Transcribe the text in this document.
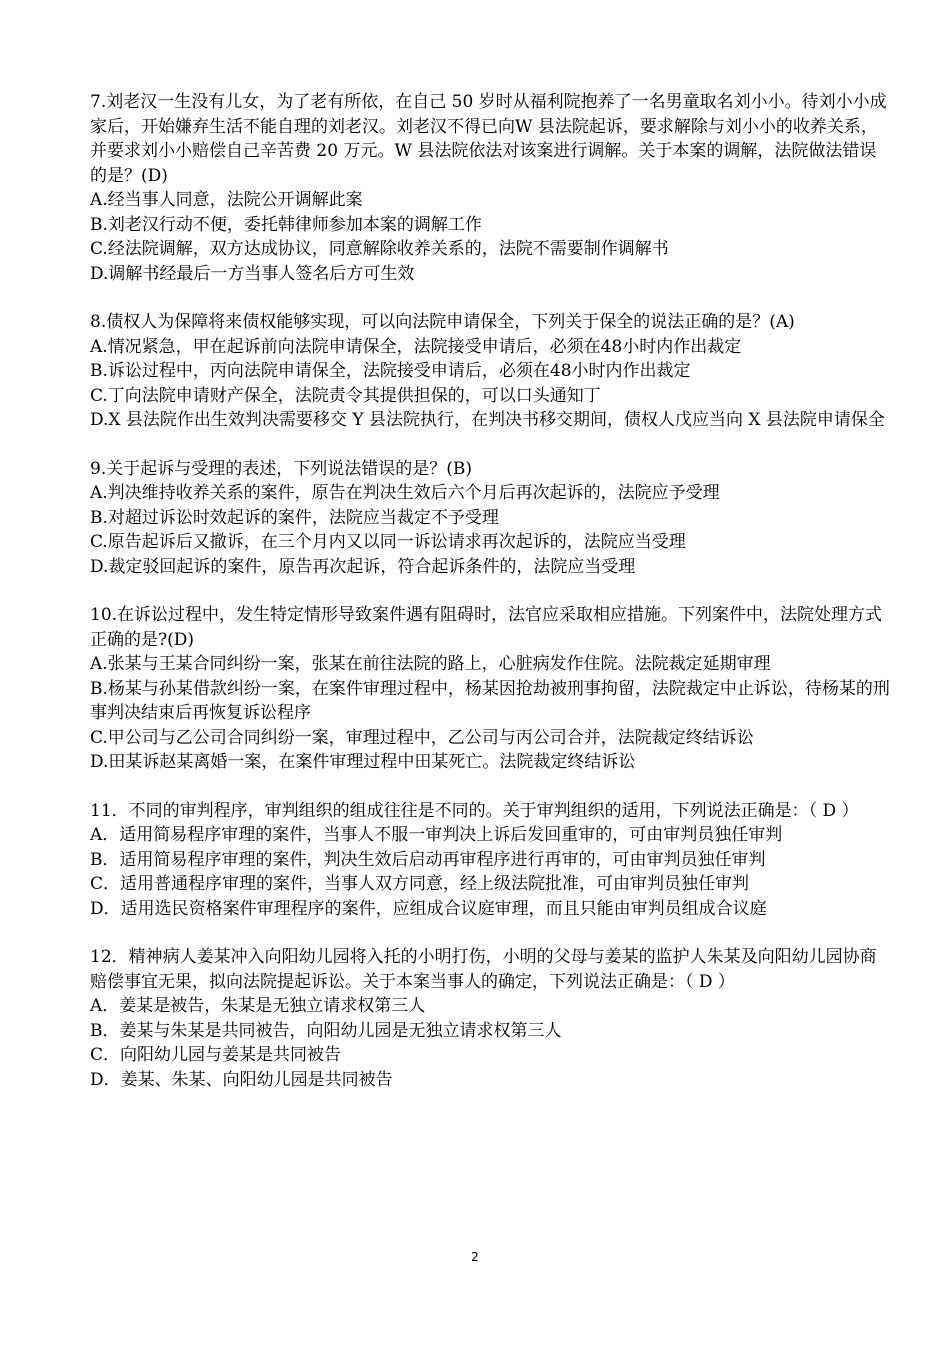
7.刘老汉一生没有儿女，为了老有所依，在自己 50 岁时从福利院抱养了一名男童取名刘小小。待刘小小成家后，开始嫌弃生活不能自理的刘老汉。刘老汉不得已向W 县法院起诉，要求解除与刘小小的收养关系，并要求刘小小赔偿自己辛苦费 20 万元。W 县法院依法对该案进行调解。关于本案的调解，法院做法错误的是？(D)

A.经当事人同意，法院公开调解此案

B.刘老汉行动不便，委托韩律师参加本案的调解工作

C.经法院调解，双方达成协议，同意解除收养关系的，法院不需要制作调解书

D.调解书经最后一方当事人签名后方可生效

8.债权人为保障将来债权能够实现，可以向法院申请保全，下列关于保全的说法正确的是？(A)

A.情况紧急，甲在起诉前向法院申请保全，法院接受申请后，必须在48小时内作出裁定

B.诉讼过程中，丙向法院申请保全，法院接受申请后，必须在48小时内作出裁定

C.丁向法院申请财产保全，法院责令其提供担保的，可以口头通知丁

D.X 县法院作出生效判决需要移交 Y 县法院执行，在判决书移交期间，债权人戊应当向 X 县法院申请保全

9.关于起诉与受理的表述，下列说法错误的是？(B)

A.判决维持收养关系的案件，原告在判决生效后六个月后再次起诉的，法院应予受理

B.对超过诉讼时效起诉的案件，法院应当裁定不予受理

C.原告起诉后又撤诉，在三个月内又以同一诉讼请求再次起诉的，法院应当受理

D.裁定驳回起诉的案件，原告再次起诉，符合起诉条件的，法院应当受理

10.在诉讼过程中，发生特定情形导致案件遇有阻碍时，法官应采取相应措施。下列案件中，法院处理方式正确的是?(D)

A.张某与王某合同纠纷一案，张某在前往法院的路上，心脏病发作住院。法院裁定延期审理

B.杨某与孙某借款纠纷一案，在案件审理过程中，杨某因抢劫被刑事拘留，法院裁定中止诉讼，待杨某的刑事判决结束后再恢复诉讼程序

C.甲公司与乙公司合同纠纷一案，审理过程中，乙公司与丙公司合并，法院裁定终结诉讼

D.田某诉赵某离婚一案，在案件审理过程中田某死亡。法院裁定终结诉讼

11．不同的审判程序，审判组织的组成往往是不同的。关于审判组织的适用，下列说法正确是：（ D ）

A．适用简易程序审理的案件，当事人不服一审判决上诉后发回重审的，可由审判员独任审判

B．适用简易程序审理的案件，判决生效后启动再审程序进行再审的，可由审判员独任审判

C．适用普通程序审理的案件，当事人双方同意，经上级法院批准，可由审判员独任审判

D．适用选民资格案件审理程序的案件，应组成合议庭审理，而且只能由审判员组成合议庭

12．精神病人姜某冲入向阳幼儿园将入托的小明打伤，小明的父母与姜某的监护人朱某及向阳幼儿园协商赔偿事宜无果，拟向法院提起诉讼。关于本案当事人的确定，下列说法正确是：（ D ）

A．姜某是被告，朱某是无独立请求权第三人

B．姜某与朱某是共同被告，向阳幼儿园是无独立请求权第三人

C．向阳幼儿园与姜某是共同被告

D．姜某、朱某、向阳幼儿园是共同被告

2
